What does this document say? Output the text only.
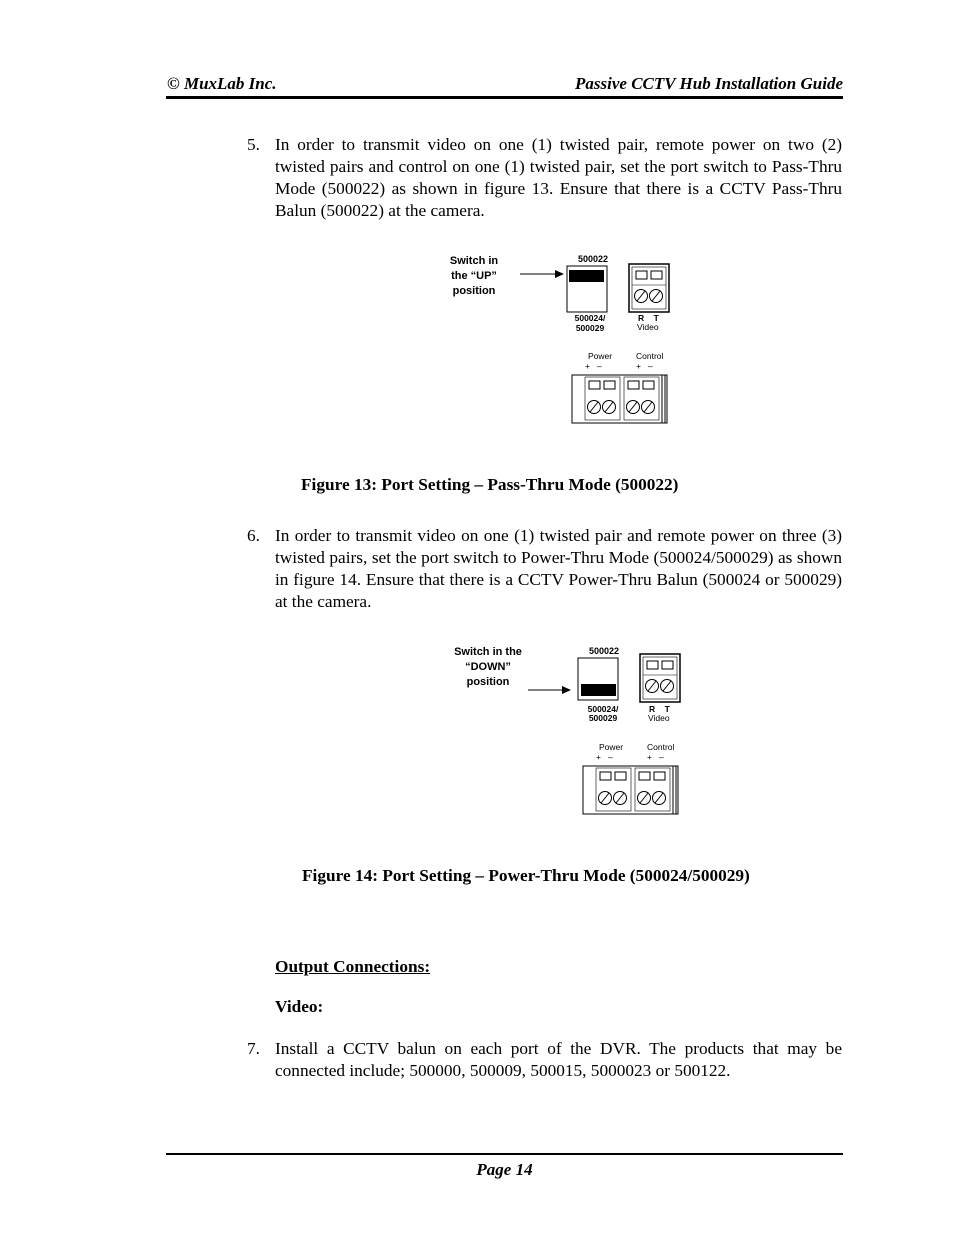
© MuxLab Inc.	Passive CCTV Hub Installation Guide
5. In order to transmit video on one (1) twisted pair, remote power on two (2) twisted pairs and control on one (1) twisted pair, set the port switch to Pass-Thru Mode (500022) as shown in figure 13. Ensure that there is a CCTV Pass-Thru Balun (500022) at the camera.
Switch in
the “UP”
position
500022
500024/
500029
R    T
Video
Power
+   –
Control
+   –
Figure 13: Port Setting – Pass-Thru Mode (500022)
6. In order to transmit video on one (1) twisted pair and remote power on three (3) twisted pairs, set the port switch to Power-Thru Mode (500024/500029) as shown in figure 14. Ensure that there is a CCTV Power-Thru Balun (500024 or 500029) at the camera.
Switch in the
“DOWN”
position
500022
500024/
500029
R    T
Video
Power
+   –
Control
+   –
Figure 14: Port Setting – Power-Thru Mode (500024/500029)
Output Connections:
Video:
7. Install a CCTV balun on each port of the DVR. The products that may be connected include; 500000, 500009, 500015, 5000023 or 500122.
Page 14
